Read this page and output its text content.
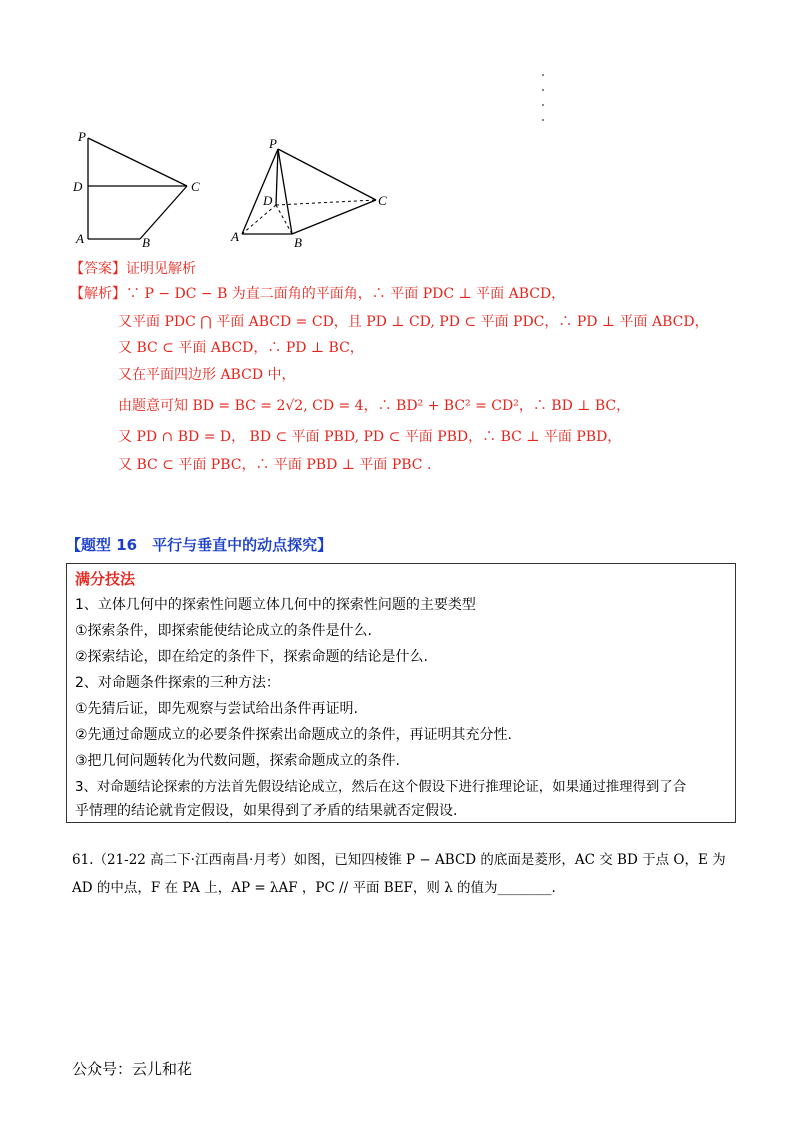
P
D	C
A	B
P
D	C
A	B
【答案】证明见解析
【解析】∵ P − DC − B 为直二面角的平面角，∴ 平面 PDC ⊥ 平面 ABCD，
又平面 PDC ⋂ 平面 ABCD = CD，且 PD ⊥ CD, PD ⊂ 平面 PDC，∴ PD ⊥ 平面 ABCD，
又 BC ⊂ 平面 ABCD，∴ PD ⊥ BC，
又在平面四边形 ABCD 中，
由题意可知 BD = BC = 2√2, CD = 4，∴ BD² + BC² = CD²，∴ BD ⊥ BC，
又 PD ∩ BD = D， BD ⊂ 平面 PBD, PD ⊂ 平面 PBD，∴ BC ⊥ 平面 PBD，
又 BC ⊂ 平面 PBC，∴ 平面 PBD ⊥ 平面 PBC .
【题型 16　平行与垂直中的动点探究】
满分技法
1、立体几何中的探索性问题立体几何中的探索性问题的主要类型
①探索条件，即探索能使结论成立的条件是什么.
②探索结论，即在给定的条件下，探索命题的结论是什么.
2、对命题条件探索的三种方法：
①先猜后证，即先观察与尝试给出条件再证明.
②先通过命题成立的必要条件探索出命题成立的条件，再证明其充分性.
③把几何问题转化为代数问题，探索命题成立的条件.
3、对命题结论探索的方法首先假设结论成立，然后在这个假设下进行推理论证，如果通过推理得到了合
乎情理的结论就肯定假设，如果得到了矛盾的结果就否定假设.
61.（21-22 高二下·江西南昌·月考）如图，已知四棱锥 P − ABCD 的底面是菱形，AC 交 BD 于点 O，E 为
AD 的中点，F 在 PA 上，AP = λAF ，PC // 平面 BEF，则 λ 的值为________.
公众号：云儿和花
